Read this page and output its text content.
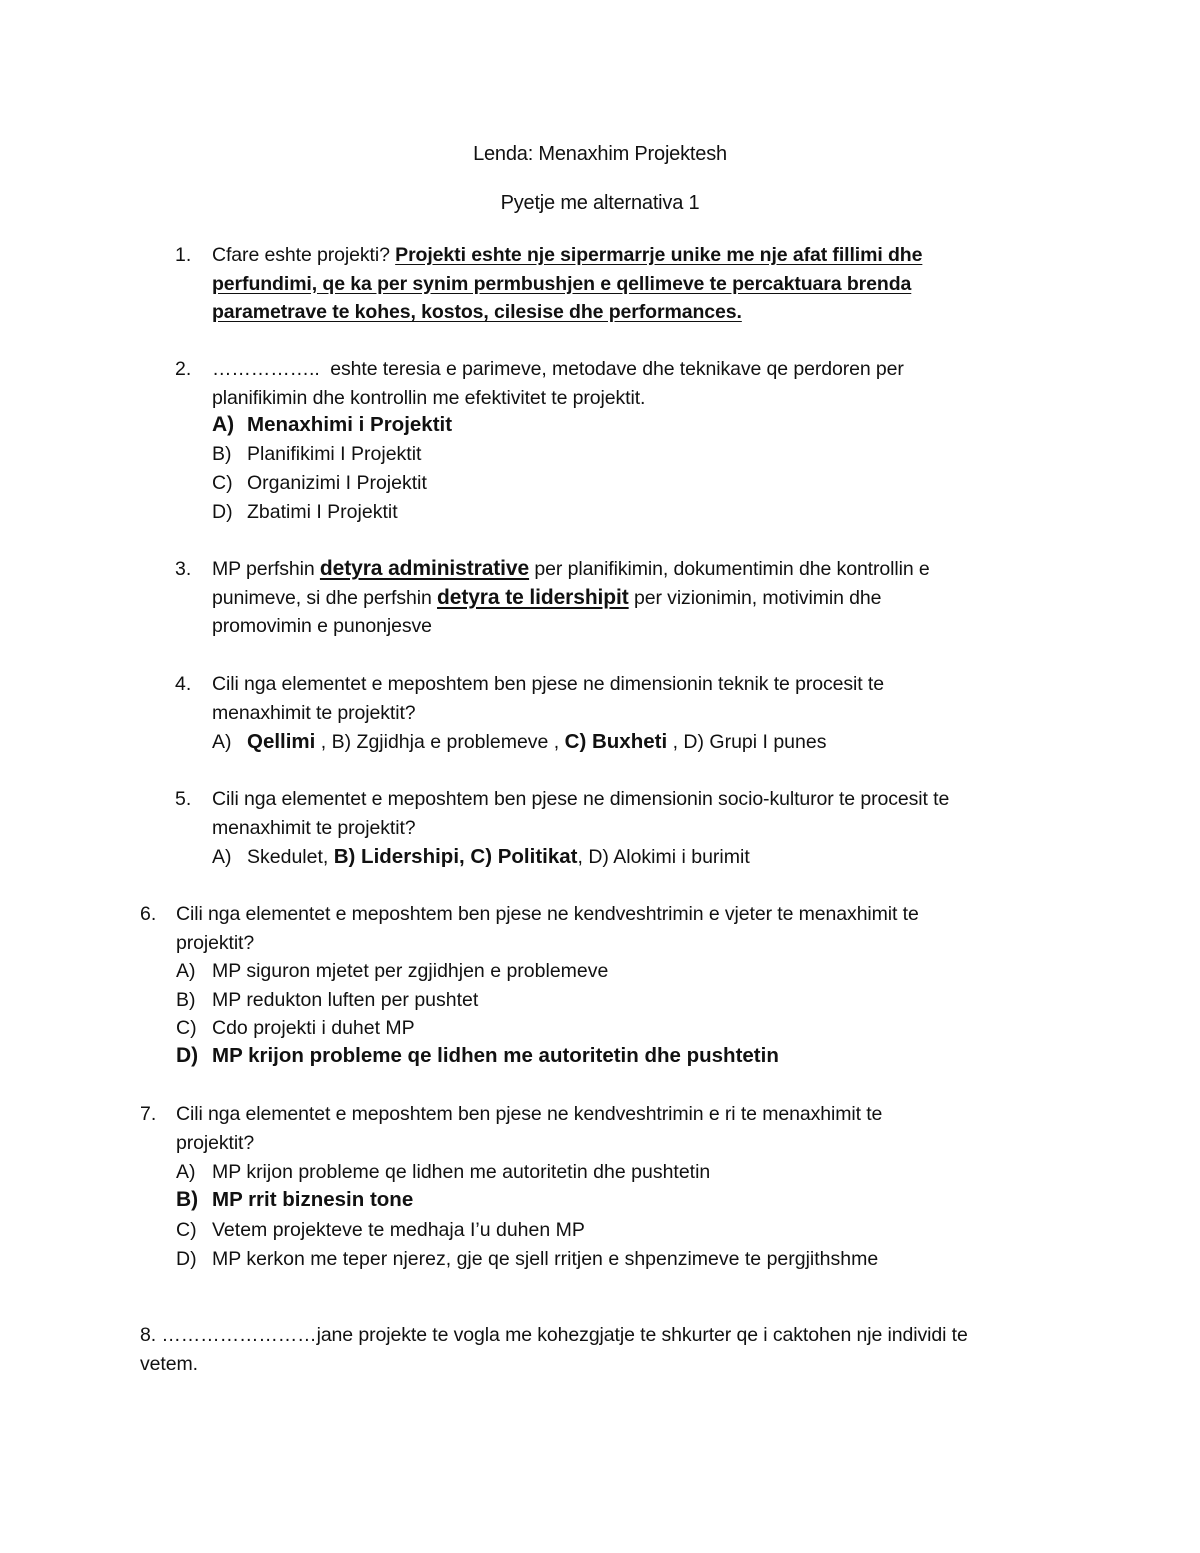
Lenda: Menaxhim Projektesh
Pyetje me alternativa 1
1. Cfare eshte projekti? Projekti eshte nje sipermarrje unike me nje afat fillimi dhe
perfundimi, qe ka per synim permbushjen e qellimeve te percaktuara brenda
parametrave te kohes, kostos, cilesise dhe performances.
2. …………….. eshte teresia e parimeve, metodave dhe teknikave qe perdoren per
planifikimin dhe kontrollin me efektivitet te projektit.
A) Menaxhimi i Projektit
B) Planifikimi I Projektit
C) Organizimi I Projektit
D) Zbatimi I Projektit
3. MP perfshin detyra administrative per planifikimin, dokumentimin dhe kontrollin e
punimeve, si dhe perfshin detyra te lidershipit per vizionimin, motivimin dhe
promovimin e punonjesve
4. Cili nga elementet e meposhtem ben pjese ne dimensionin teknik te procesit te
menaxhimit te projektit?
A) Qellimi , B) Zgjidhja e problemeve , C) Buxheti , D) Grupi I punes
5. Cili nga elementet e meposhtem ben pjese ne dimensionin socio-kulturor te procesit te
menaxhimit te projektit?
A) Skedulet, B) Lidershipi, C) Politikat, D) Alokimi i burimit
6. Cili nga elementet e meposhtem ben pjese ne kendveshtrimin e vjeter te menaxhimit te
projektit?
A) MP siguron mjetet per zgjidhjen e problemeve
B) MP redukton luften per pushtet
C) Cdo projekti i duhet MP
D) MP krijon probleme qe lidhen me autoritetin dhe pushtetin
7. Cili nga elementet e meposhtem ben pjese ne kendveshtrimin e ri te menaxhimit te
projektit?
A) MP krijon probleme qe lidhen me autoritetin dhe pushtetin
B) MP rrit biznesin tone
C) Vetem projekteve te medhaja I’u duhen MP
D) MP kerkon me teper njerez, gje qe sjell rritjen e shpenzimeve te pergjithshme
8. ……………………jane projekte te vogla me kohezgjatje te shkurter qe i caktohen nje individi te
vetem.
